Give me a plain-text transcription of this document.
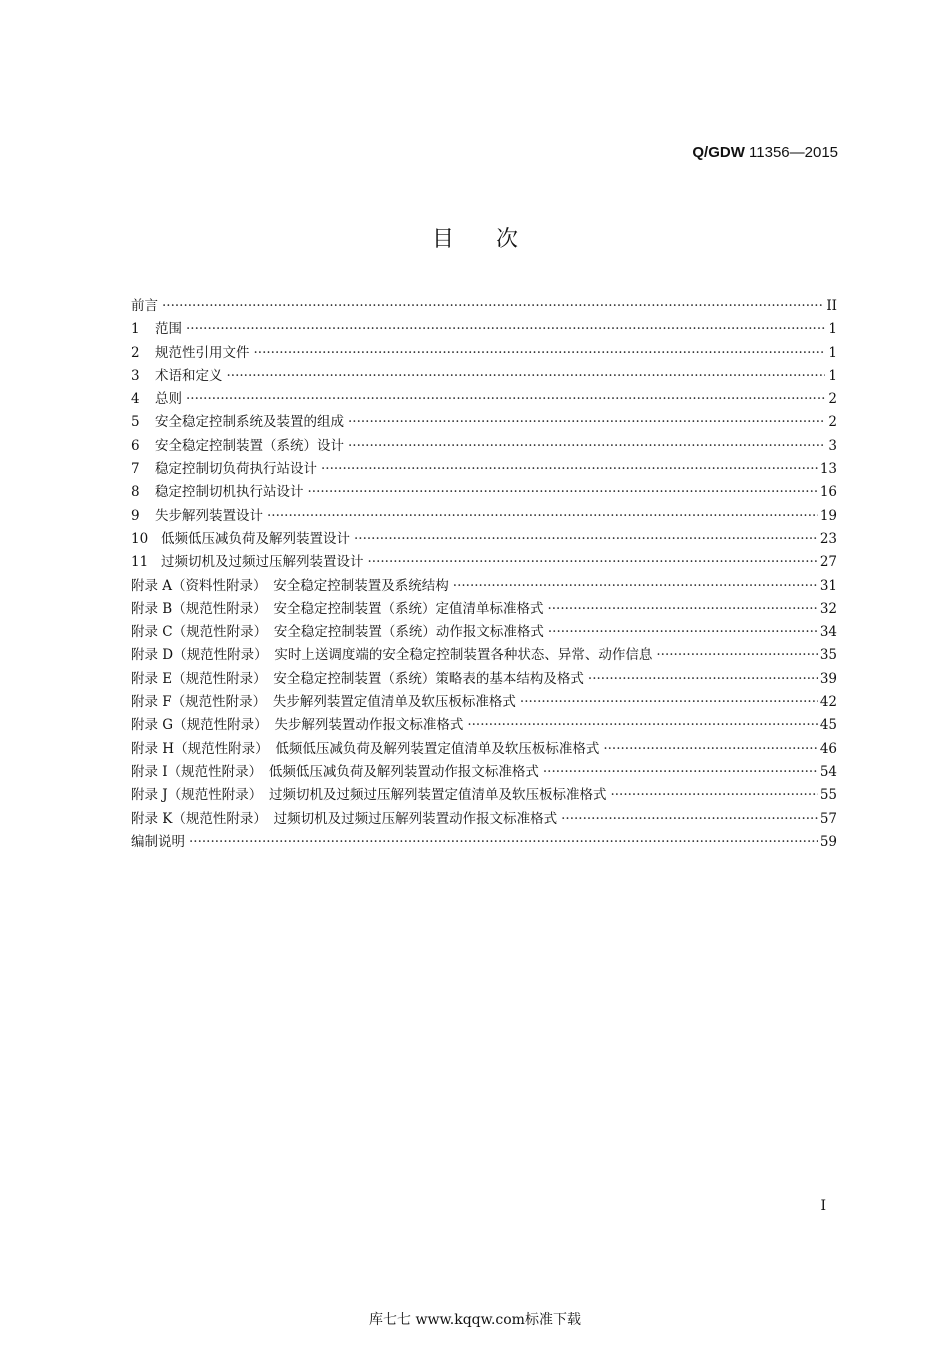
Q/GDW 11356—2015
目次
前言 ·····	II
1	范围 ·····	1
2	规范性引用文件 ·····	1
3	术语和定义 ·····	1
4	总则 ·····	2
5	安全稳定控制系统及装置的组成 ·····	2
6	安全稳定控制装置（系统）设计 ·····	3
7	稳定控制切负荷执行站设计 ·····	13
8	稳定控制切机执行站设计 ·····	16
9	失步解列装置设计 ·····	19
10 低频低压减负荷及解列装置设计 ·····	23
11 过频切机及过频过压解列装置设计 ·····	27
附录 A（资料性附录）　安全稳定控制装置及系统结构 ·····	31
附录 B（规范性附录）　安全稳定控制装置（系统）定值清单标准格式 ·····	32
附录 C（规范性附录）　安全稳定控制装置（系统）动作报文标准格式 ·····	34
附录 D（规范性附录）　实时上送调度端的安全稳定控制装置各种状态、异常、动作信息 ·····	35
附录 E（规范性附录）　安全稳定控制装置（系统）策略表的基本结构及格式 ·····	39
附录 F（规范性附录）　失步解列装置定值清单及软压板标准格式 ·····	42
附录 G（规范性附录）　失步解列装置动作报文标准格式 ·····	45
附录 H（规范性附录）　低频低压减负荷及解列装置定值清单及软压板标准格式 ·····	46
附录 I（规范性附录）　低频低压减负荷及解列装置动作报文标准格式 ·····	54
附录 J（规范性附录）　过频切机及过频过压解列装置定值清单及软压板标准格式 ·····	55
附录 K（规范性附录）　过频切机及过频过压解列装置动作报文标准格式 ·····	57
编制说明 ·····	59
I
库七七 www.kqqw.com标准下载
